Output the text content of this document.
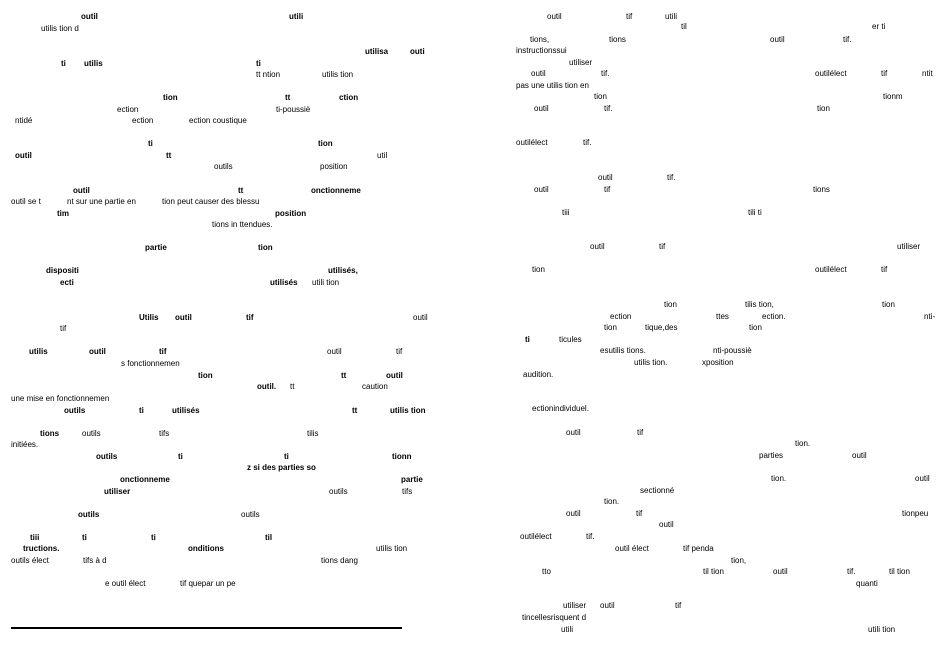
outil	utili
utilis tion d
utilisa	outi
ti utilis	ti
tt ntion	utilis tion
tion	tt	ction
ection	ti-poussiè
ntidé	ection	ection coustique
ti	tion
outil	tt	util
outils	position
outil	tt	onctionneme
outil se t	nt sur une partie en	tion peut causer des blessu
tim	position
tions in ttendues.
partie	tion
dispositi	utilisés,
ecti	utilisés utili tion
Utilis outil	tif	outil
tif
utilis	outil	tif	outil	tif
s fonctionnemen
tion	tt	outil
outil. tt	caution
une mise en fonctionnemen
outils	ti	utilisés	tt	utilis tion
tions	outils	tifs	tilis
initiées.
outils	ti	ti	tionn
z si des parties so
onctionneme	partie
utiliser	outils	tifs
outils	outils
tiii	ti	ti	til
tructions.	onditions	utilis tion
outils élect	tifs à d	tions dang
e outil élect	tif quepar un pe
outil	tif	utili
til	er ti
tions,	tions	outil	tif.
instructionssui
utiliser
outil	tif.	outilélect	tif	ntit
pas une utilis tion en
tion	tionm
outil	tif.	tion
outilélect	tif.
outil	tif.
outil	tif	tions
tiii	tili ti
outil	tif	utiliser
tion	outilélect	tif
tion	tilis tion,	tion
ection	ttes	ection.	nti-
tion	tique,des	tion
ti	ticules
esutilis tions.	nti-poussiè
utilis tion.	xposition
audition.
ectionindividuel.
outil	tif
tion.
parties	outil
tion.	outil
sectionné
tion.
outil	tif	tionpeu
outil
outilélect	tif.
outil élect	tif penda
tion,
tto	til tion	outil	tif.	til tion
quanti
utiliser outil	tif
tincellesrisquent d
utili	utili tion
